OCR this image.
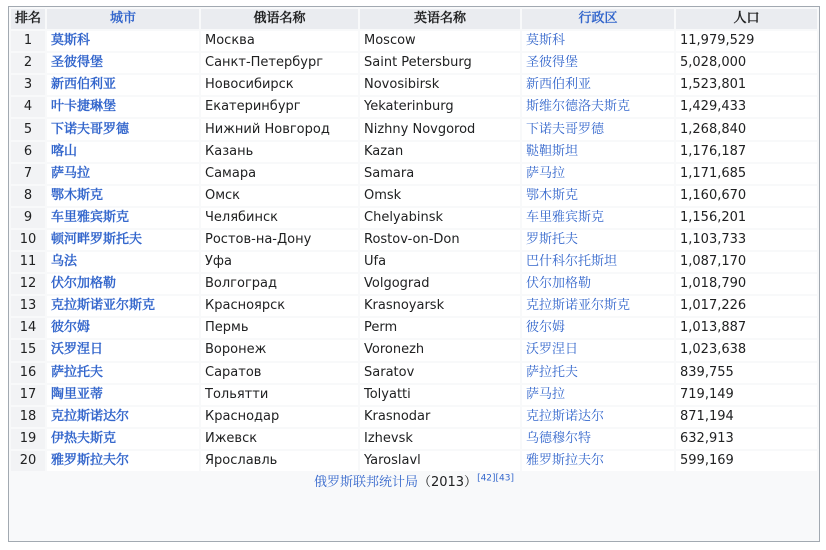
排名	城市	俄语名称	英语名称	行政区	人口
1	莫斯科	Москва	Moscow	莫斯科	11,979,529
2	圣彼得堡	Санкт-Петербург	Saint Petersburg	圣彼得堡	5,028,000
3	新西伯利亚	Новосибирск	Novosibirsk	新西伯利亚	1,523,801
4	叶卡捷琳堡	Екатеринбург	Yekaterinburg	斯维尔德洛夫斯克	1,429,433
5	下诺夫哥罗德	Нижний Новгород	Nizhny Novgorod	下诺夫哥罗德	1,268,840
6	喀山	Казань	Kazan	鞑靼斯坦	1,176,187
7	萨马拉	Самара	Samara	萨马拉	1,171,685
8	鄂木斯克	Омск	Omsk	鄂木斯克	1,160,670
9	车里雅宾斯克	Челябинск	Chelyabinsk	车里雅宾斯克	1,156,201
10	顿河畔罗斯托夫	Ростов-на-Дону	Rostov-on-Don	罗斯托夫	1,103,733
11	乌法	Уфа	Ufa	巴什科尔托斯坦	1,087,170
12	伏尔加格勒	Волгоград	Volgograd	伏尔加格勒	1,018,790
13	克拉斯诺亚尔斯克	Красноярск	Krasnoyarsk	克拉斯诺亚尔斯克	1,017,226
14	彼尔姆	Пермь	Perm	彼尔姆	1,013,887
15	沃罗涅日	Воронеж	Voronezh	沃罗涅日	1,023,638
16	萨拉托夫	Саратов	Saratov	萨拉托夫	839,755
17	陶里亚蒂	Тольятти	Tolyatti	萨马拉	719,149
18	克拉斯诺达尔	Краснодар	Krasnodar	克拉斯诺达尔	871,194
19	伊热夫斯克	Ижевск	Izhevsk	乌德穆尔特	632,913
20	雅罗斯拉夫尔	Ярославль	Yaroslavl	雅罗斯拉夫尔	599,169
俄罗斯联邦统计局（2013）[42][43]
